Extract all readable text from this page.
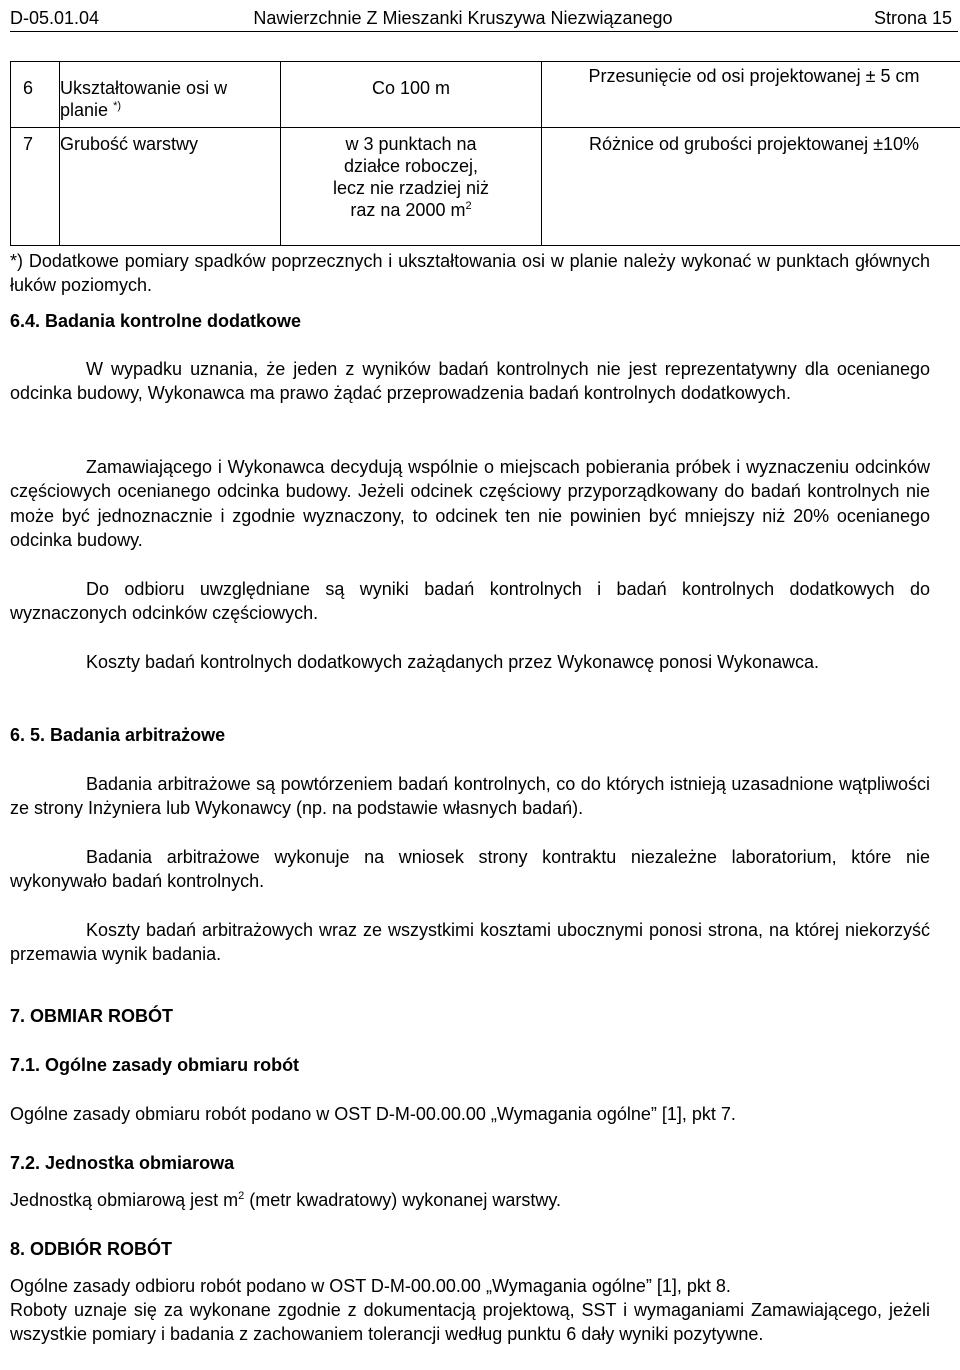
D-05.01.04	Nawierzchnie Z Mieszanki Kruszywa Niezwiązanego	Strona 15
6	Ukształtowanie osi w planie *)	Co 100 m	Przesunięcie od osi projektowanej ± 5 cm
7	Grubość warstwy	w 3 punktach na działce roboczej, lecz nie rzadziej niż raz na 2000 $m^2$	Różnice od grubości projektowanej ±10%

*) Dodatkowe pomiary spadków poprzecznych i ukształtowania osi w planie należy wykonać w punktach głównych łuków poziomych.

6.4. Badania kontrolne dodatkowe

W wypadku uznania, że jeden z wyników badań kontrolnych nie jest reprezentatywny dla ocenianego odcinka budowy, Wykonawca ma prawo żądać przeprowadzenia badań kontrolnych dodatkowych.

Zamawiającego i Wykonawca decydują wspólnie o miejscach pobierania próbek i wyznaczeniu odcinków częściowych ocenianego odcinka budowy. Jeżeli odcinek częściowy przyporządkowany do badań kontrolnych nie może być jednoznacznie i zgodnie wyznaczony, to odcinek ten nie powinien być mniejszy niż 20% ocenianego odcinka budowy.

Do odbioru uwzględniane są wyniki badań kontrolnych i badań kontrolnych dodatkowych do wyznaczonych odcinków częściowych.

Koszty badań kontrolnych dodatkowych zażądanych przez Wykonawcę ponosi Wykonawca.

6. 5. Badania arbitrażowe

Badania arbitrażowe są powtórzeniem badań kontrolnych, co do których istnieją uzasadnione wątpliwości ze strony Inżyniera lub Wykonawcy (np. na podstawie własnych badań).

Badania arbitrażowe wykonuje na wniosek strony kontraktu niezależne laboratorium, które nie wykonywało badań kontrolnych.

Koszty badań arbitrażowych wraz ze wszystkimi kosztami ubocznymi ponosi strona, na której niekorzyść przemawia wynik badania.

7. OBMIAR ROBÓT

7.1. Ogólne zasady obmiaru robót

Ogólne zasady obmiaru robót podano w OST D-M-00.00.00 „Wymagania ogólne” [1], pkt 7.

7.2. Jednostka obmiarowa

Jednostką obmiarową jest $m^2$ (metr kwadratowy) wykonanej warstwy.

8. ODBIÓR ROBÓT

Ogólne zasady odbioru robót podano w OST D-M-00.00.00 „Wymagania ogólne” [1], pkt 8.

Roboty uznaje się za wykonane zgodnie z dokumentacją projektową, SST i wymaganiami Zamawiającego, jeżeli wszystkie pomiary i badania z zachowaniem tolerancji według punktu 6 dały wyniki pozytywne.
